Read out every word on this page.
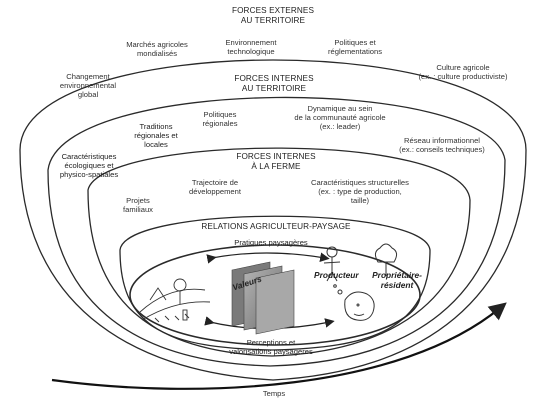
FORCES EXTERNES
AU TERRITOIRE
Marchés agricoles
mondialisés
Environnement
technologique
Politiques et
réglementations
Culture agricole
(ex. : culture productiviste)
Changement
environnemental
global
FORCES INTERNES
AU TERRITOIRE
Traditions
régionales et
locales
Politiques
régionales
Dynamique au sein
de la communauté agricole
(ex.: leader)
Réseau informationnel
(ex.: conseils techniques)
Caractéristiques
écologiques et
physico-spatiales
FORCES INTERNES
À LA FERME
Trajectoire de
développement
Caractéristiques structurelles
(ex. : type de production,
taille)
Projets
familiaux
RELATIONS AGRICULTEUR-PAYSAGE
Pratiques paysagères
Perceptions et
valorisations paysagères
Valeurs	Producteur	Propriétaire-
résident
Temps
